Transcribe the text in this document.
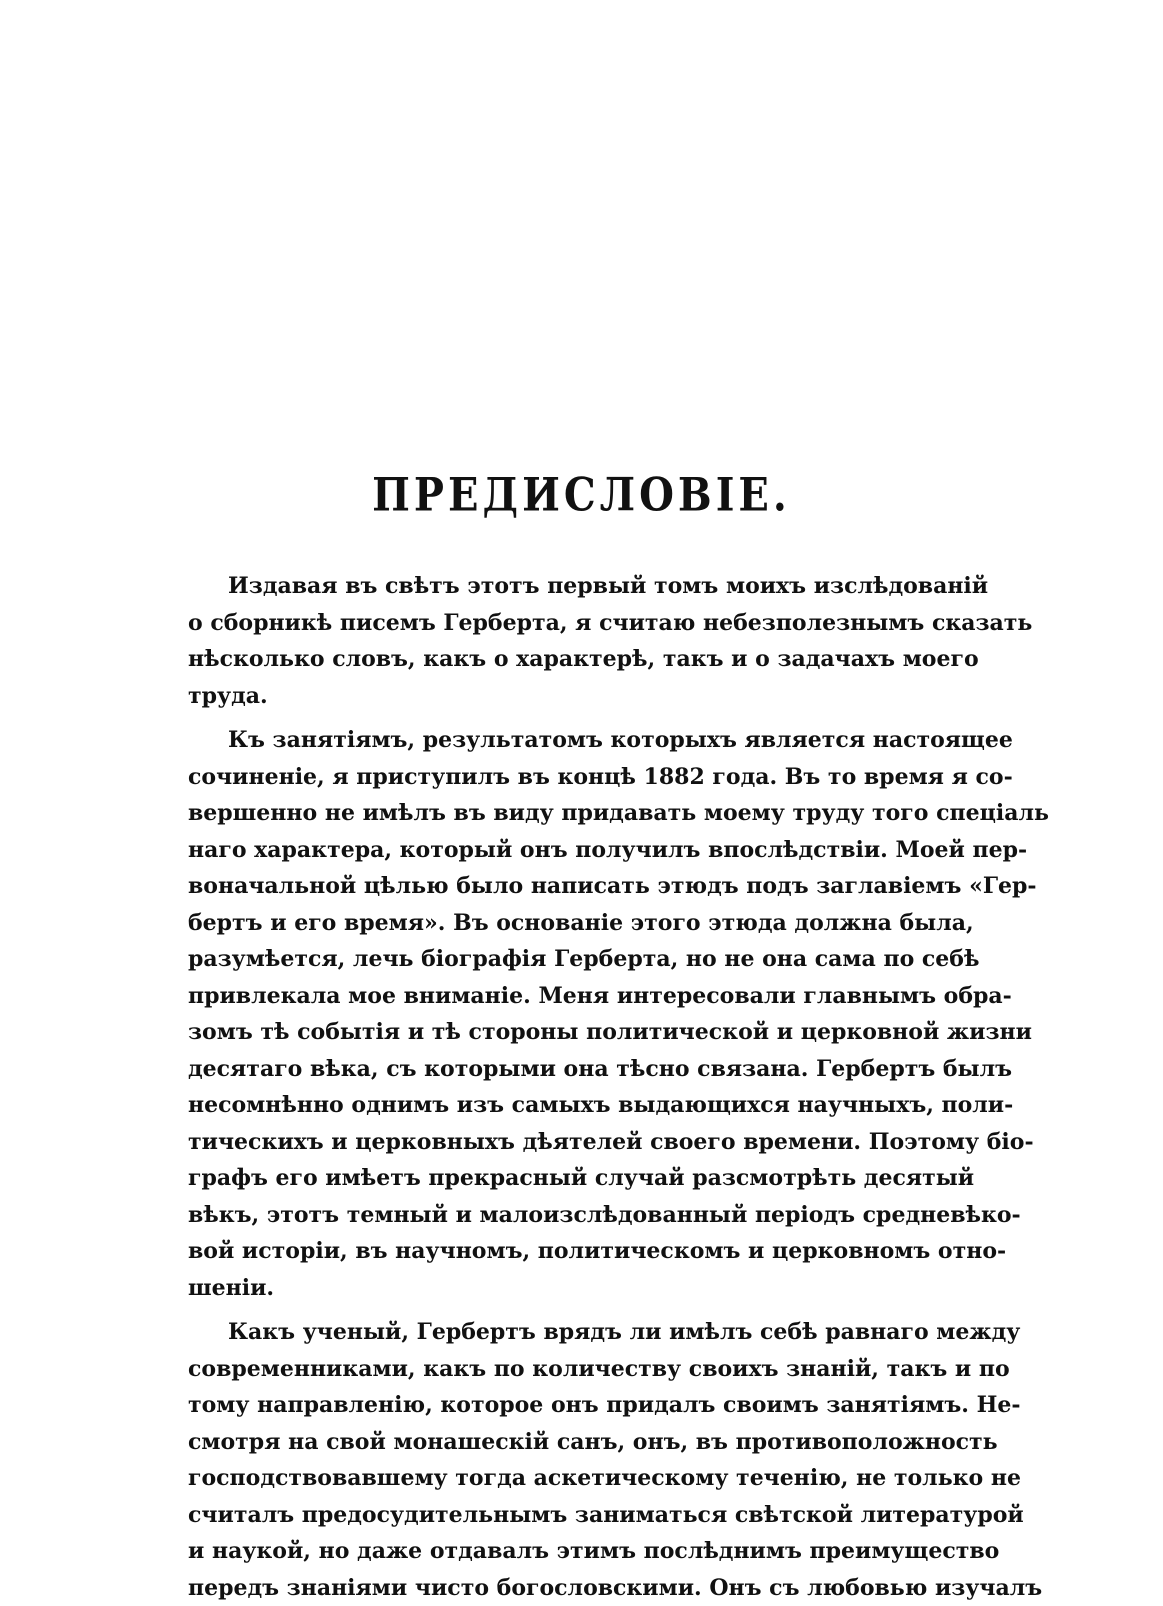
ПРЕДИСЛОВIЕ.
Издавая въ свѣтъ этотъ первый томъ моихъ изслѣдованій
о сборникѣ писемъ Герберта, я считаю небезполезнымъ сказать
нѣсколько словъ, какъ о характерѣ, такъ и о задачахъ моего
труда.
Къ занятiямъ, результатомъ которыхъ является настоящее
сочиненiе, я приступилъ въ концѣ 1882 года. Въ то время я со-
вершенно не имѣлъ въ виду придавать моему труду того спецiаль
наго характера, который онъ получилъ впослѣдствiи. Моей пер-
воначальной цѣлью было написать этюдъ подъ заглавiемъ «Гер-
бертъ и его время». Въ основанiе этого этюда должна была,
разумѣется, лечь бiографiя Герберта, но не она сама по себѣ
привлекала мое вниманiе. Меня интересовали главнымъ обра-
зомъ тѣ событiя и тѣ стороны политической и церковной жизни
десятаго вѣка, съ которыми она тѣсно связана. Гербертъ былъ
несомнѣнно однимъ изъ самыхъ выдающихся научныхъ, поли-
тическихъ и церковныхъ дѣятелей своего времени. Поэтому бiо-
графъ его имѣетъ прекрасный случай разсмотрѣть десятый
вѣкъ, этотъ темный и малоизслѣдованный перiодъ средневѣко-
вой исторiи, въ научномъ, политическомъ и церковномъ отно-
шенiи.
Какъ ученый, Гербертъ врядъ ли имѣлъ себѣ равнаго между
современниками, какъ по количеству своихъ знанiй, такъ и по
тому направленiю, которое онъ придалъ своимъ занятiямъ. Не-
смотря на свой монашескiй санъ, онъ, въ противоположность
господствовавшему тогда аскетическому теченiю, не только не
считалъ предосудительнымъ заниматься свѣтской литературой
и наукой, но даже отдавалъ этимъ послѣднимъ преимущество
передъ знанiями чисто богословскими. Онъ съ любовью изучалъ
